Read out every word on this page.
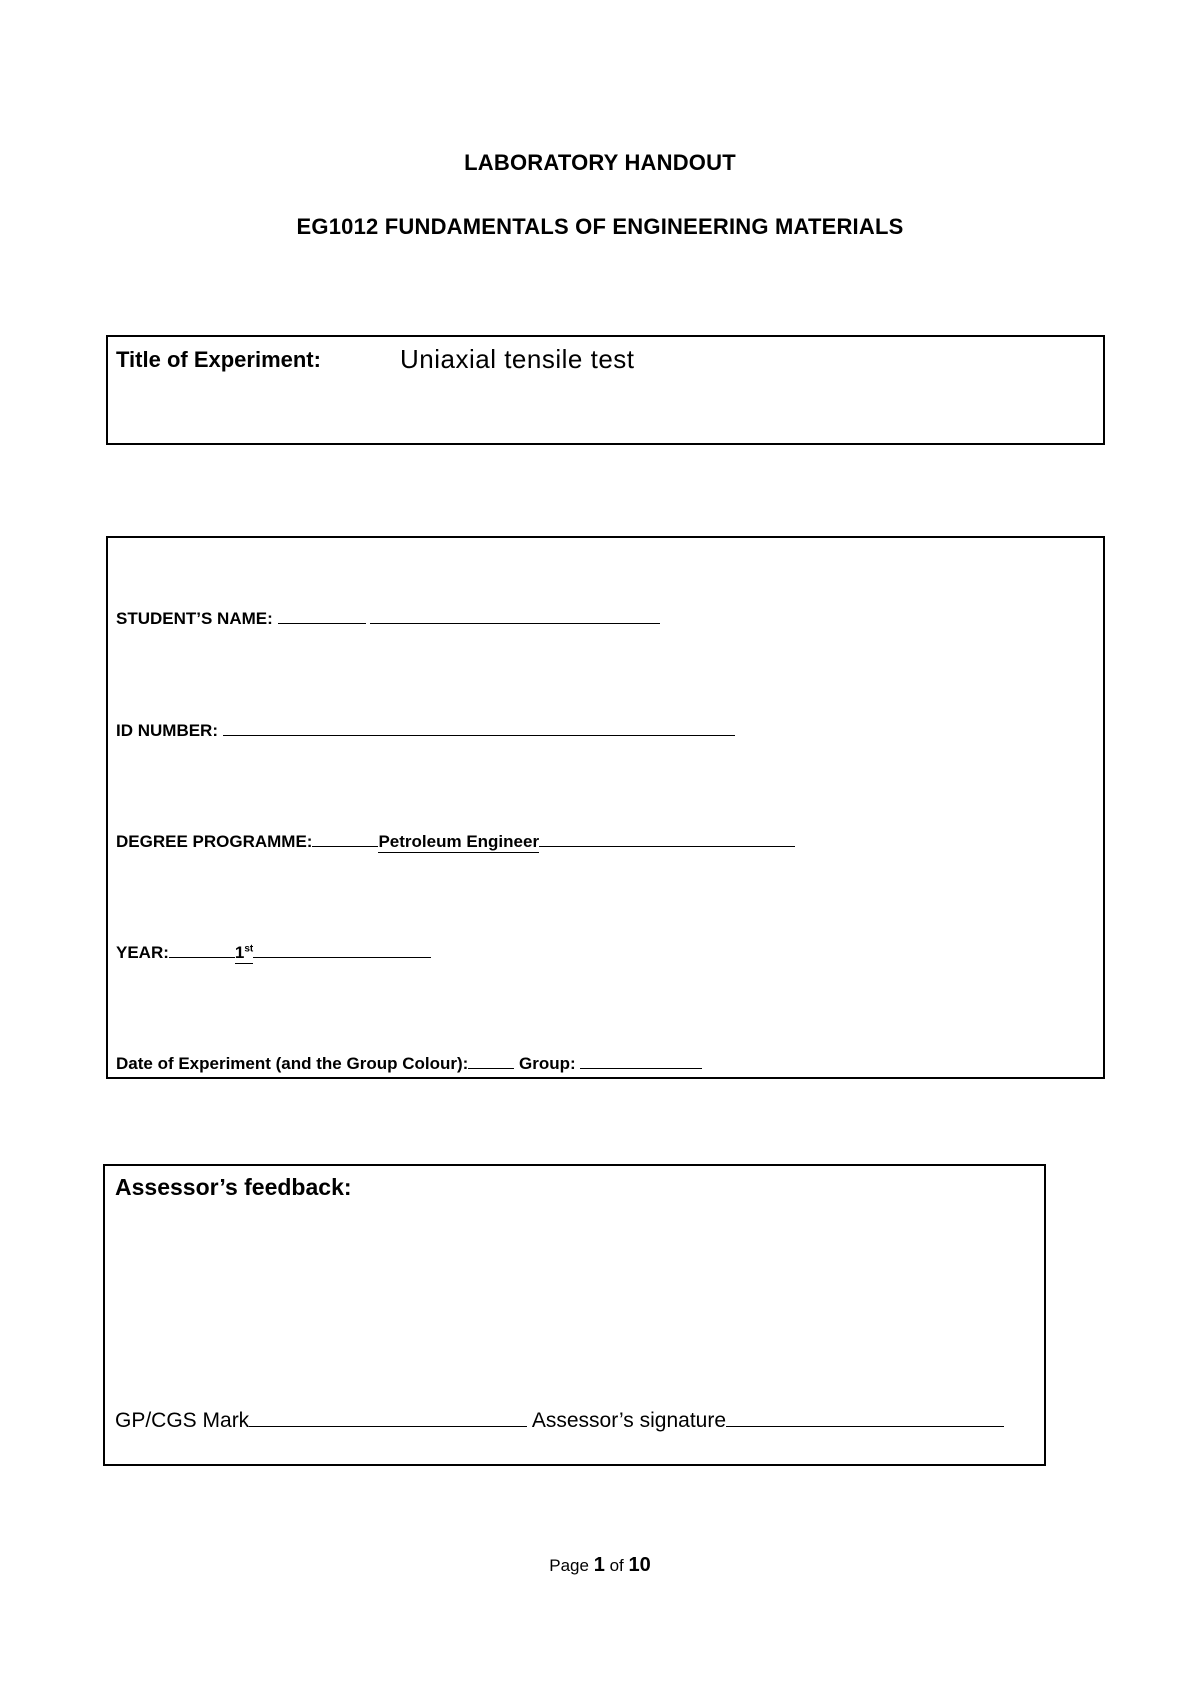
LABORATORY HANDOUT
EG1012 FUNDAMENTALS OF ENGINEERING MATERIALS
Title of Experiment:	Uniaxial tensile test
STUDENT’S NAME:
ID NUMBER:
DEGREE PROGRAMME:	Petroleum Engineer
YEAR:	1st
Date of Experiment (and the Group Colour):	Group:
Assessor’s feedback:
GP/CGS Mark	Assessor’s signature
Page 1 of 10
